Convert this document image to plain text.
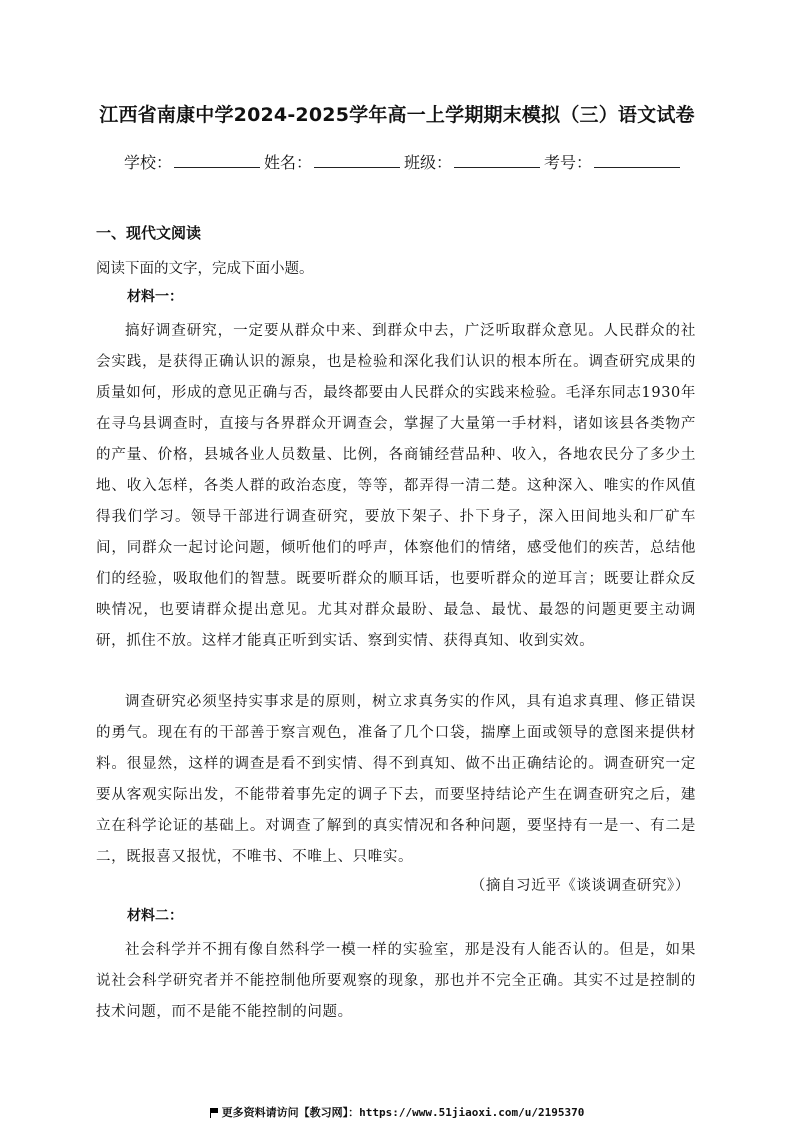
江西省南康中学2024-2025学年高一上学期期末模拟（三）语文试卷
学校：	姓名：	班级：	考号：
一、现代文阅读
阅读下面的文字，完成下面小题。
材料一：

搞好调查研究，一定要从群众中来、到群众中去，广泛听取群众意见。人民群众的社会实践，是获得正确认识的源泉，也是检验和深化我们认识的根本所在。调查研究成果的质量如何，形成的意见正确与否，最终都要由人民群众的实践来检验。毛泽东同志1930年在寻乌县调查时，直接与各界群众开调查会，掌握了大量第一手材料，诸如该县各类物产的产量、价格，县城各业人员数量、比例，各商铺经营品种、收入，各地农民分了多少土地、收入怎样，各类人群的政治态度，等等，都弄得一清二楚。这种深入、唯实的作风值得我们学习。领导干部进行调查研究，要放下架子、扑下身子，深入田间地头和厂矿车间，同群众一起讨论问题，倾听他们的呼声，体察他们的情绪，感受他们的疾苦，总结他们的经验，吸取他们的智慧。既要听群众的顺耳话，也要听群众的逆耳言；既要让群众反映情况，也要请群众提出意见。尤其对群众最盼、最急、最忧、最怨的问题更要主动调研，抓住不放。这样才能真正听到实话、察到实情、获得真知、收到实效。

调查研究必须坚持实事求是的原则，树立求真务实的作风，具有追求真理、修正错误的勇气。现在有的干部善于察言观色，准备了几个口袋，揣摩上面或领导的意图来提供材料。很显然，这样的调查是看不到实情、得不到真知、做不出正确结论的。调查研究一定要从客观实际出发，不能带着事先定的调子下去，而要坚持结论产生在调查研究之后，建立在科学论证的基础上。对调查了解到的真实情况和各种问题，要坚持有一是一、有二是二，既报喜又报忧，不唯书、不唯上、只唯实。

（摘自习近平《谈谈调查研究》）
材料二：

社会科学并不拥有像自然科学一模一样的实验室，那是没有人能否认的。但是，如果说社会科学研究者并不能控制他所要观察的现象，那也并不完全正确。其实不过是控制的技术问题，而不是能不能控制的问题。

更多资料请访问【教习网】：https://www.51jiaoxi.com/u/2195370
